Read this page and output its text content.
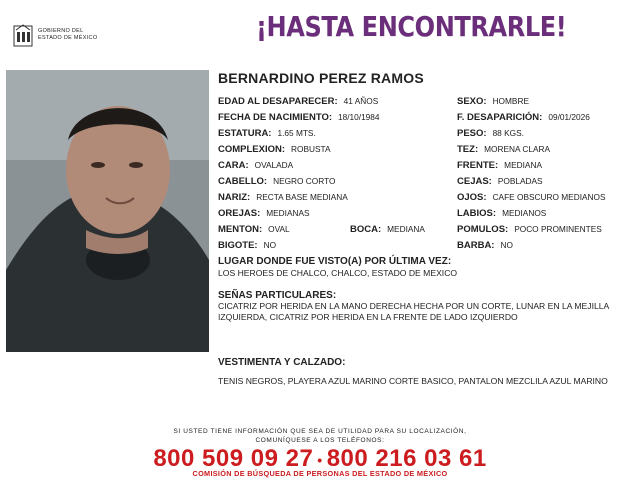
GOBIERNO DEL
ESTADO DE MÉXICO	¡HASTA ENCONTRARLE!
BERNARDINO PEREZ RAMOS
EDAD AL DESAPARECER: 41 AÑOS
FECHA DE NACIMIENTO: 18/10/1984
ESTATURA: 1.65 MTS.
COMPLEXION: ROBUSTA
CARA: OVALADA
CABELLO: NEGRO CORTO
NARIZ: RECTA BASE MEDIANA
OREJAS: MEDIANAS
MENTON: OVAL	BOCA: MEDIANA
BIGOTE: NO
SEXO: HOMBRE
F. DESAPARICIÓN: 09/01/2026
PESO: 88 KGS.
TEZ: MORENA CLARA
FRENTE: MEDIANA
CEJAS: POBLADAS
OJOS: CAFE OBSCURO MEDIANOS
LABIOS: MEDIANOS
POMULOS: POCO PROMINENTES
BARBA: NO
LUGAR DONDE FUE VISTO(A) POR ÚLTIMA VEZ:
LOS HEROES DE CHALCO, CHALCO, ESTADO DE MEXICO
SEÑAS PARTICULARES:
CICATRIZ POR HERIDA EN LA MANO DERECHA HECHA POR UN CORTE, LUNAR EN LA MEJILLA IZQUIERDA, CICATRIZ POR HERIDA EN LA FRENTE DE LADO IZQUIERDO
VESTIMENTA Y CALZADO:
TENIS NEGROS, PLAYERA AZUL MARINO CORTE BASICO, PANTALON MEZCLILA AZUL MARINO
SI USTED TIENE INFORMACIÓN QUE SEA DE UTILIDAD PARA SU LOCALIZACIÓN,
COMUNÍQUESE A LOS TELÉFONOS:
800 509 09 27 • 800 216 03 61
COMISIÓN DE BÚSQUEDA DE PERSONAS DEL ESTADO DE MÉXICO
